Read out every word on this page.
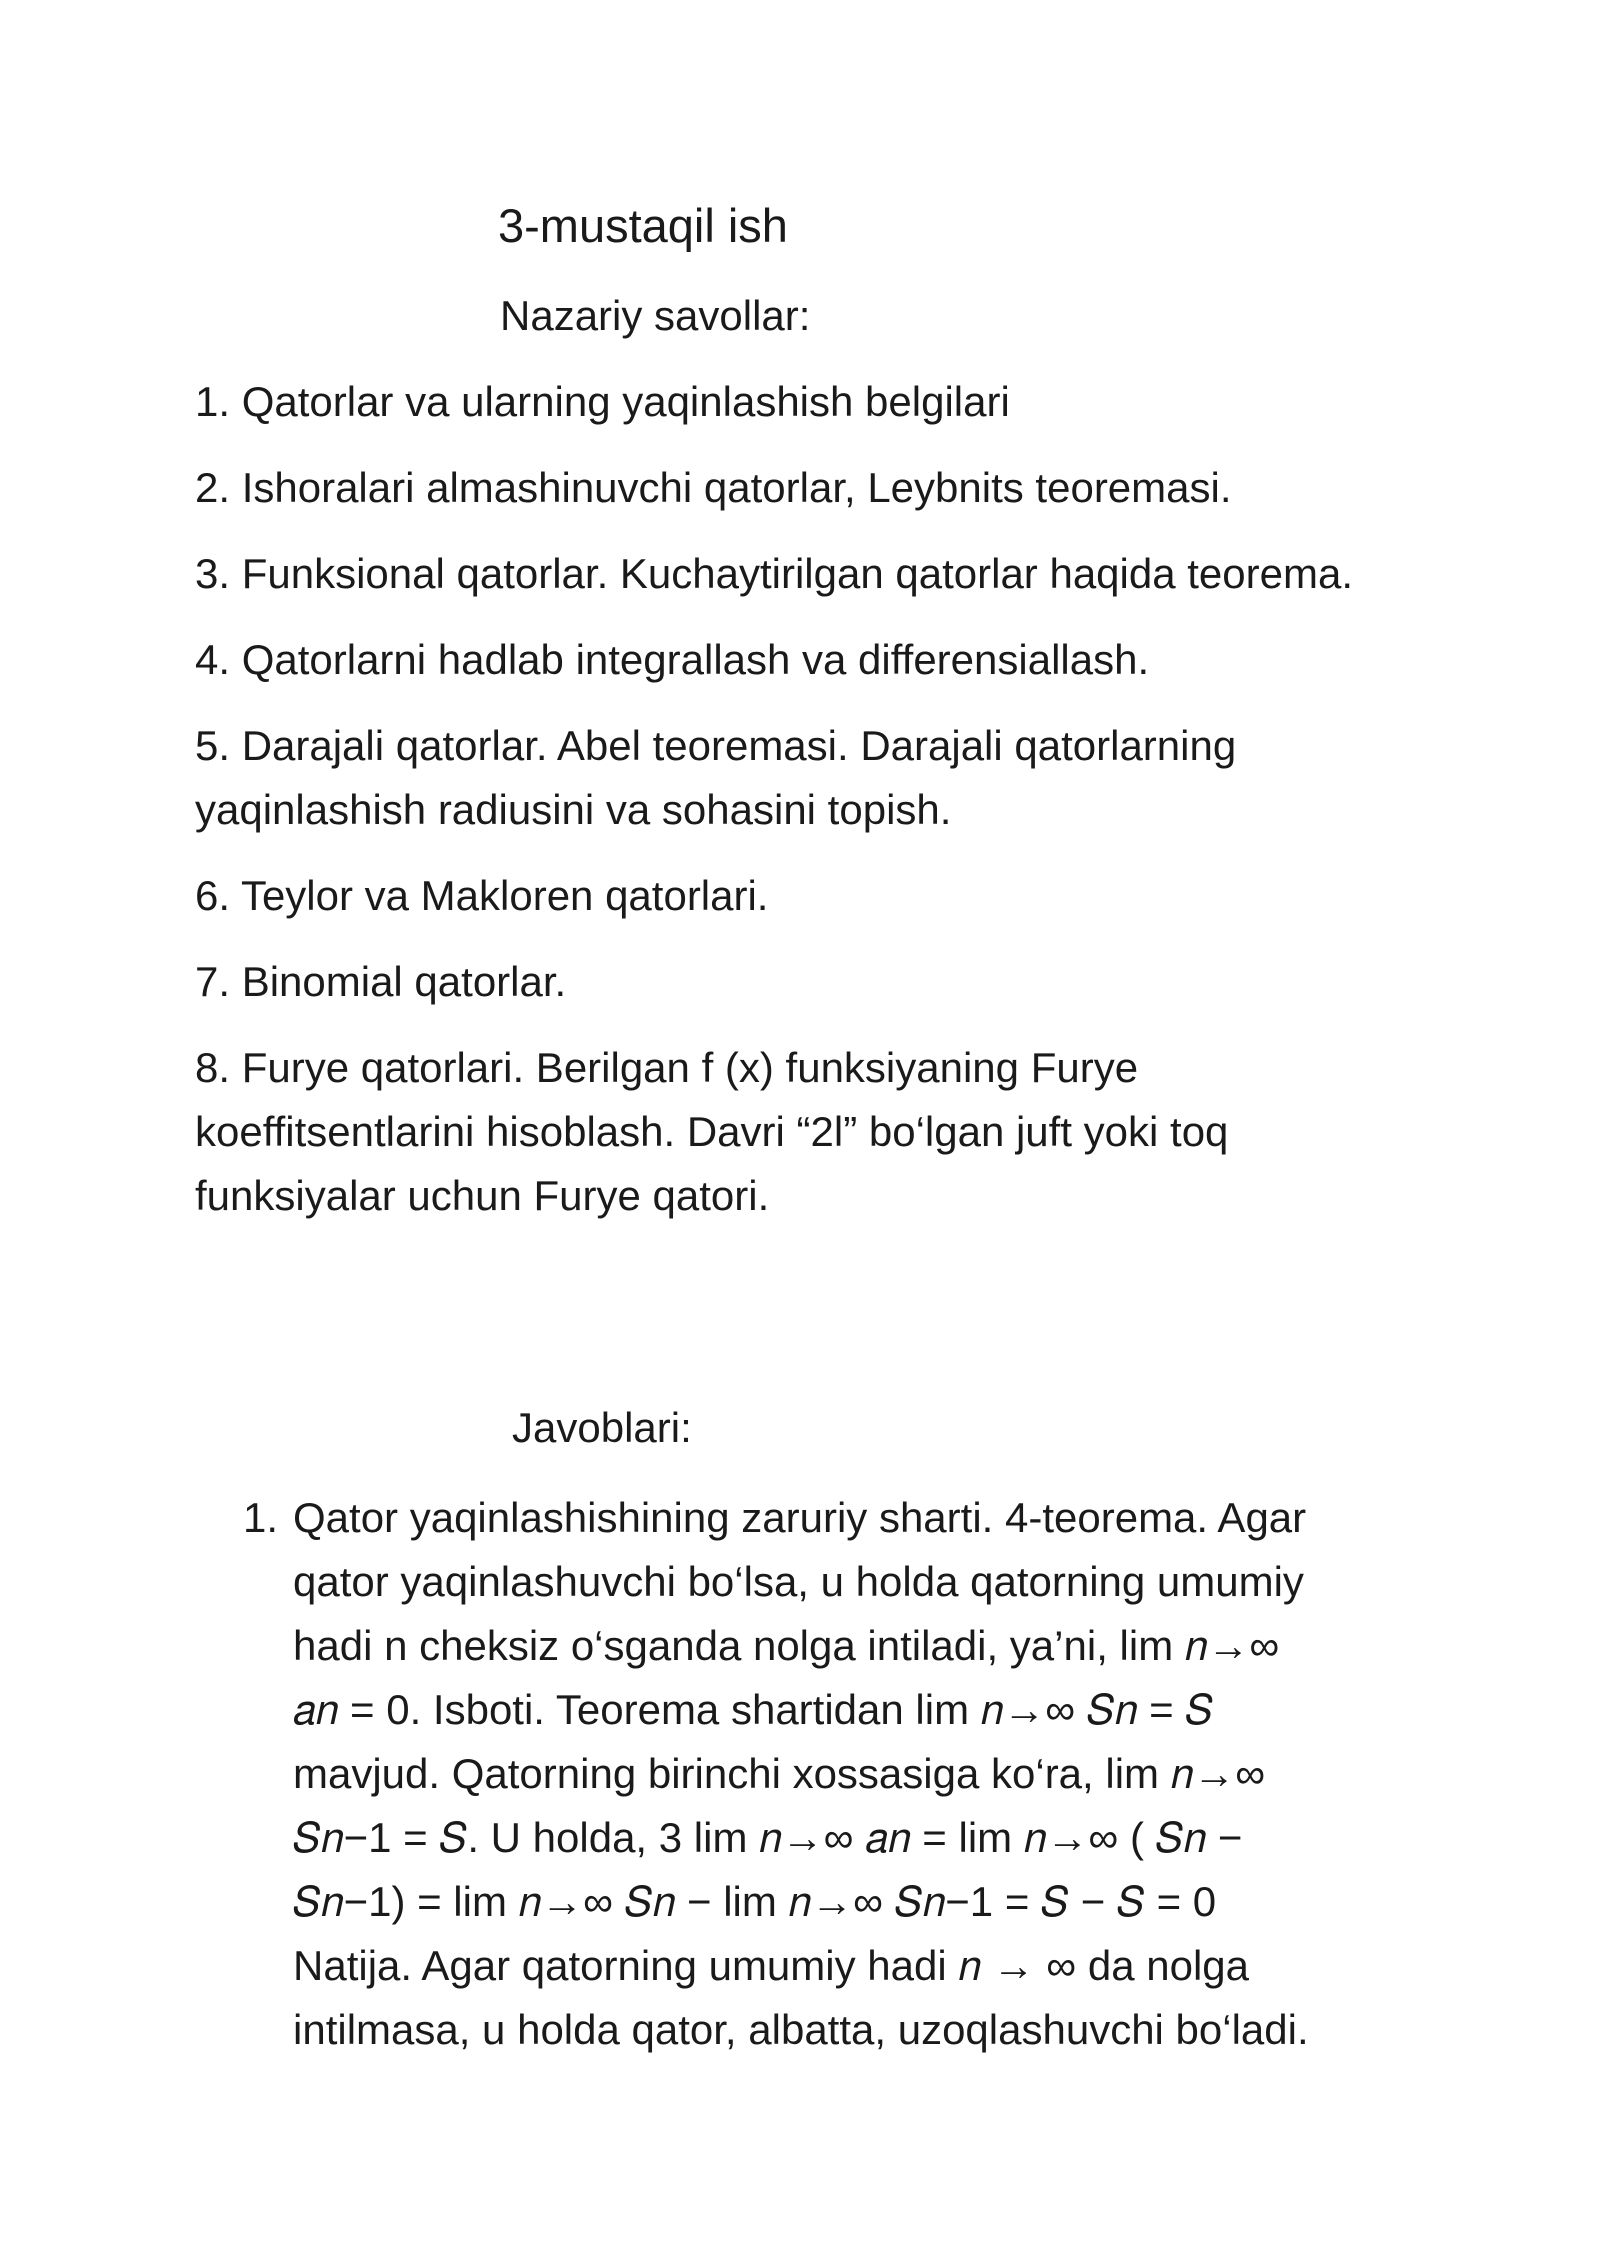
3-mustaqil ish
Nazariy savollar:
1. Qatorlar va ularning yaqinlashish belgilari
2. Ishoralari almashinuvchi qatorlar, Leybnits teoremasi.
3. Funksional qatorlar. Kuchaytirilgan qatorlar haqida teorema.
4. Qatorlarni hadlab integrallash va differensiallash.
5. Darajali qatorlar. Abel teoremasi. Darajali qatorlarning yaqinlashish radiusini va sohasini topish.
6. Teylor va Makloren qatorlari.
7. Binomial qatorlar.
8. Furye qatorlari. Berilgan f (x) funksiyaning Furye koeffitsentlarini hisoblash. Davri “2l” bo‘lgan juft yoki toq funksiyalar uchun Furye qatori.
Javoblari:
1. Qator yaqinlashishining zaruriy sharti. 4-teorema. Agar
qator yaqinlashuvchi bo‘lsa, u holda qatorning umumiy
hadi n cheksiz o‘sganda nolga intiladi, ya’ni, lim 𝑛→∞
𝑎𝑛 = 0. Isboti. Teorema shartidan lim 𝑛→∞ 𝑆𝑛 = 𝑆
mavjud. Qatorning birinchi xossasiga ko‘ra, lim 𝑛→∞
𝑆𝑛−1 = 𝑆. U holda, 3 lim 𝑛→∞ 𝑎𝑛 = lim 𝑛→∞ ( 𝑆𝑛 −
𝑆𝑛−1) = lim 𝑛→∞ 𝑆𝑛 − lim 𝑛→∞ 𝑆𝑛−1 = 𝑆 − 𝑆 = 0
Natija. Agar qatorning umumiy hadi 𝑛 → ∞ da nolga
intilmasa, u holda qator, albatta, uzoqlashuvchi bo‘ladi.
